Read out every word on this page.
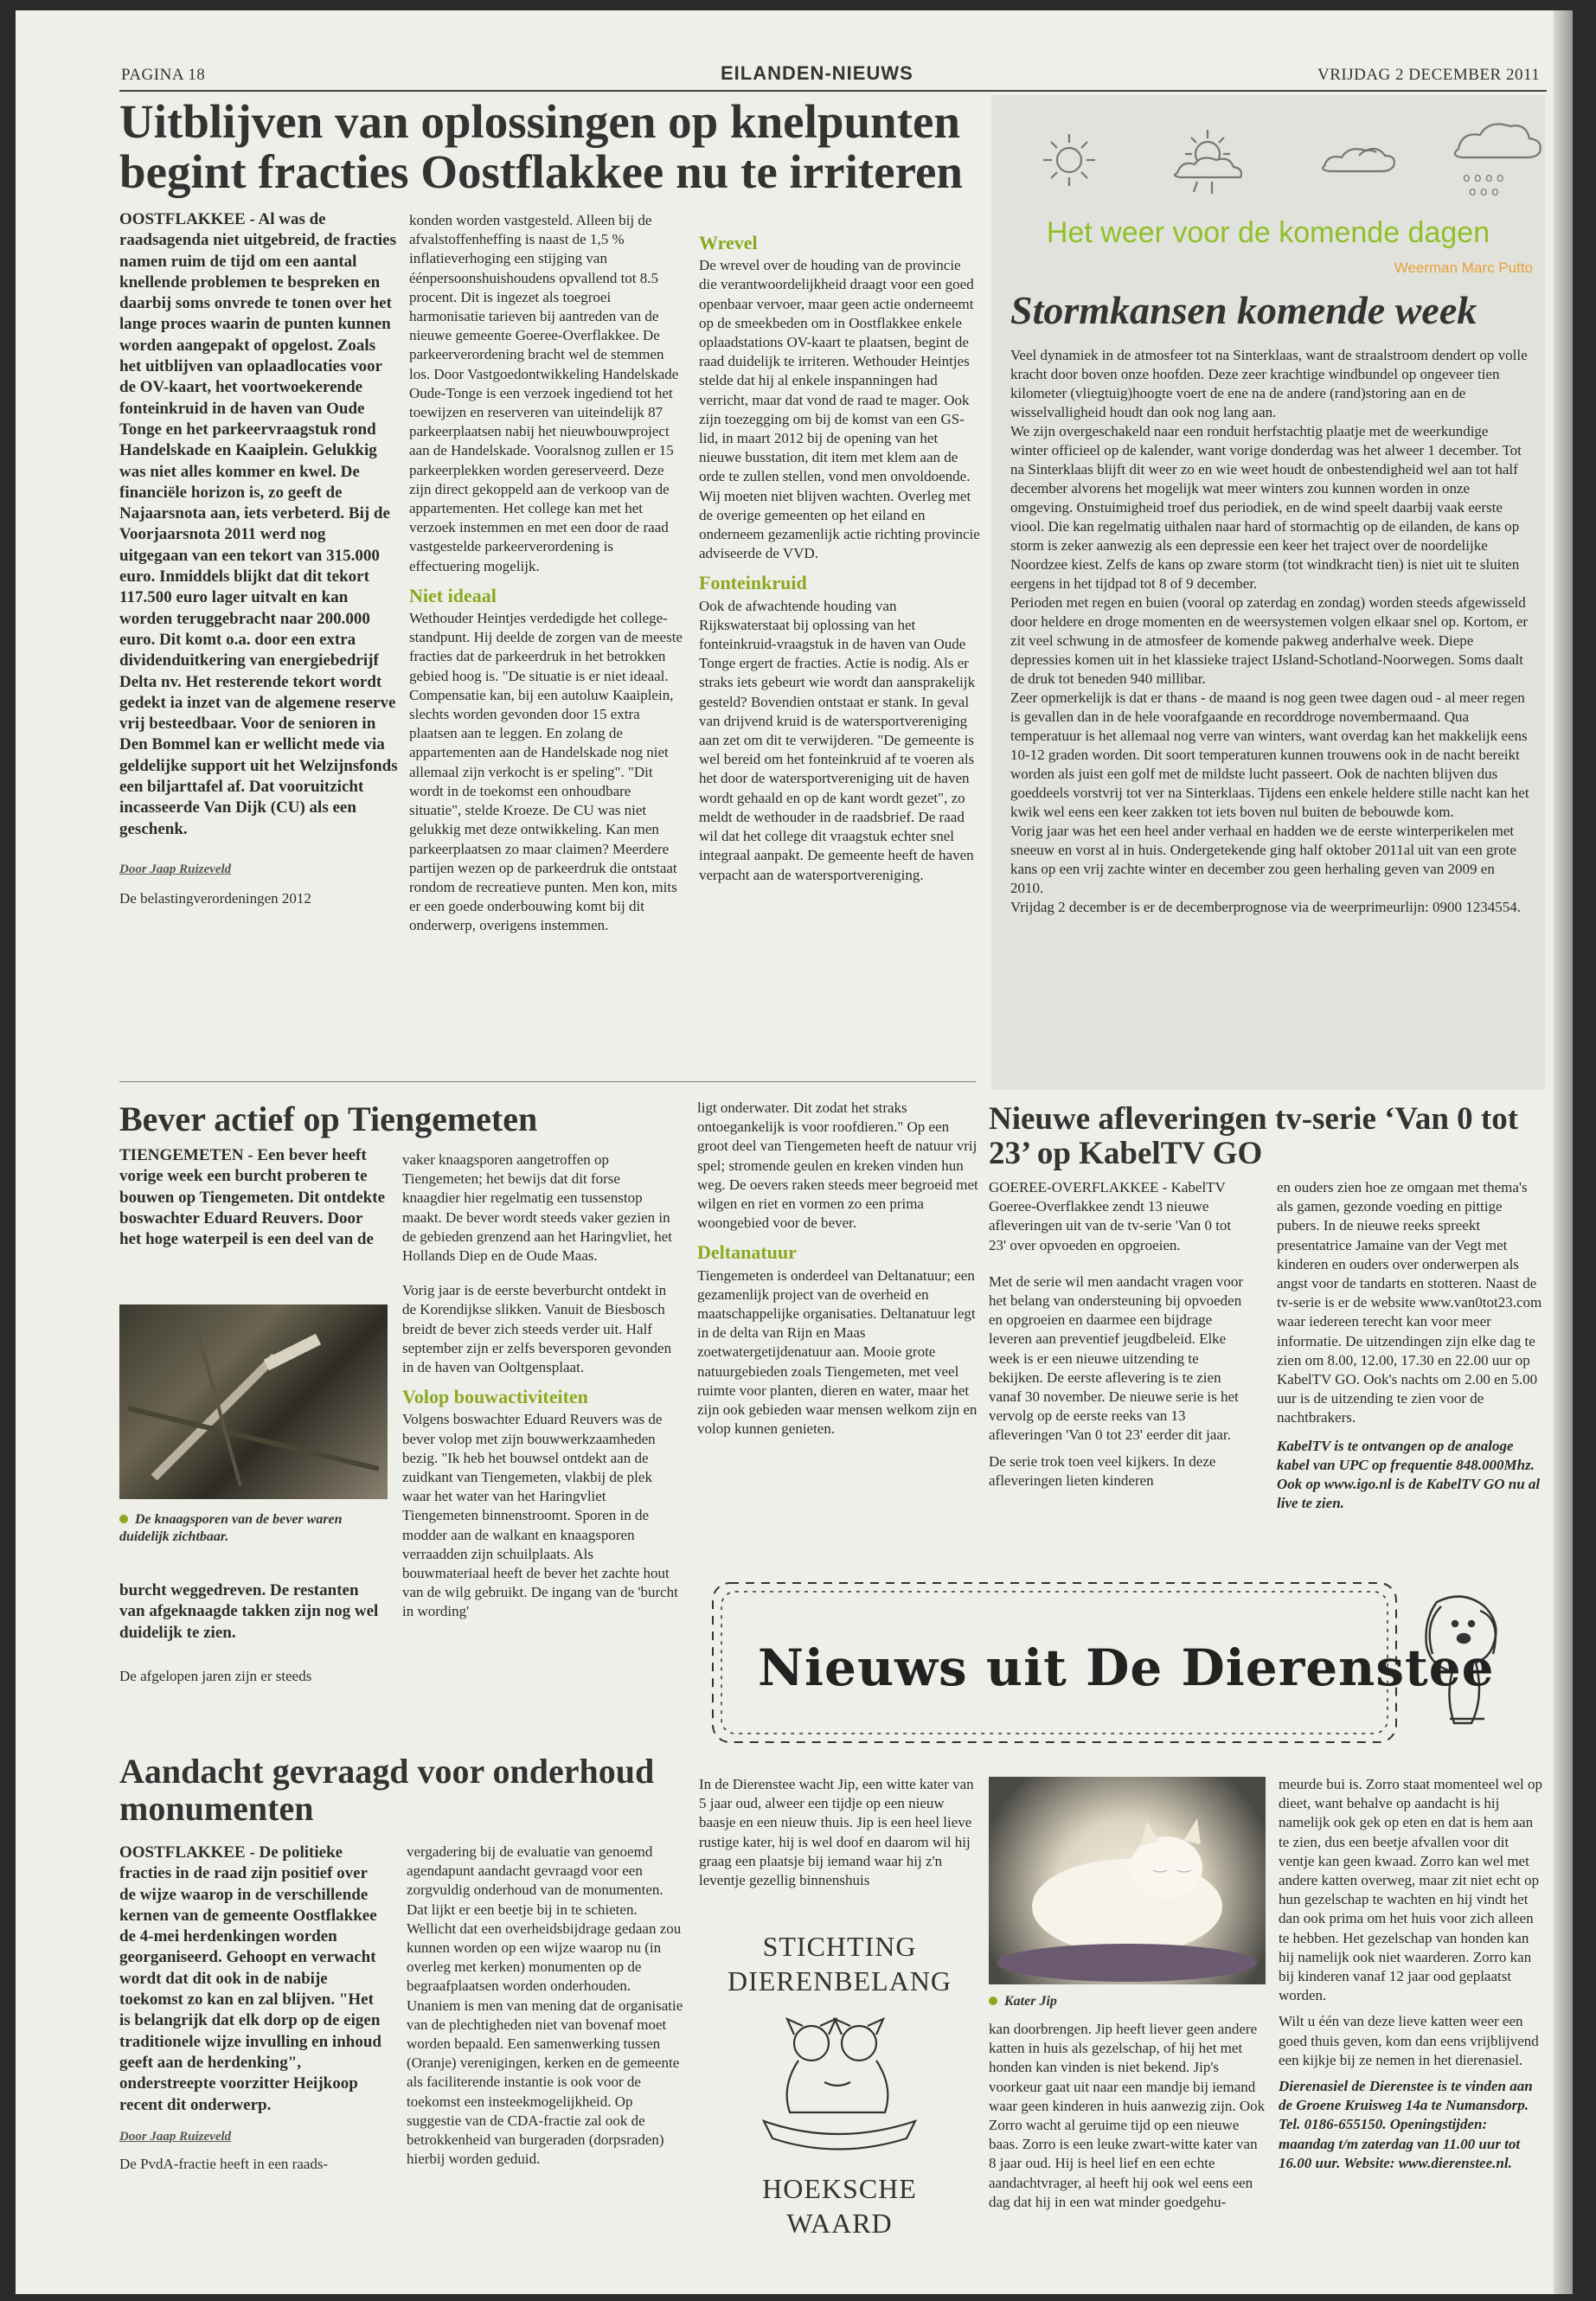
PAGINA 18	EILANDEN-NIEUWS	VRIJDAG 2 DECEMBER 2011
Uitblijven van oplossingen op knelpunten begint fracties Oostflakkee nu te irriteren

OOSTFLAKKEE - Al was de raadsagenda niet uitgebreid, de fracties namen ruim de tijd om een aantal knellende problemen te bespreken en daarbij soms onvrede te tonen over het lange proces waarin de punten kunnen worden aangepakt of opgelost. Zoals het uitblijven van oplaadlocaties voor de OV-kaart, het voortwoekerende fonteinkruid in de haven van Oude Tonge en het parkeervraagstuk rond Handelskade en Kaaiplein. Gelukkig was niet alles kommer en kwel. De financiële horizon is, zo geeft de Najaarsnota aan, iets verbeterd. Bij de Voorjaarsnota 2011 werd nog uitgegaan van een tekort van 315.000 euro. Inmiddels blijkt dat dit tekort 117.500 euro lager uitvalt en kan worden teruggebracht naar 200.000 euro. Dit komt o.a. door een extra dividenduitkering van energiebedrijf Delta nv. Het resterende tekort wordt gedekt ia inzet van de algemene reserve vrij besteedbaar. Voor de senioren in Den Bommel kan er wellicht mede via geldelijke support uit het Welzijnsfonds een biljarttafel af. Dat vooruitzicht incasseerde Van Dijk (CU) als een geschenk.

Door Jaap Ruizeveld

De belastingverordeningen 2012

konden worden vastgesteld. Alleen bij de afvalstoffenheffing is naast de 1,5 % inflatieverhoging een stijging van éénpersoonshuishoudens opvallend tot 8.5 procent. Dit is ingezet als toegroei harmonisatie tarieven bij aantreden van de nieuwe gemeente Goeree-Overflakkee. De parkeerverordening bracht wel de stemmen los. Door Vastgoedontwikkeling Handelskade Oude-Tonge is een verzoek ingediend tot het toewijzen en reserveren van uiteindelijk 87 parkeerplaatsen nabij het nieuwbouwproject aan de Handelskade. Vooralsnog zullen er 15 parkeerplekken worden gereserveerd. Deze zijn direct gekoppeld aan de verkoop van de appartementen. Het college kan met het verzoek instemmen en met een door de raad vastgestelde parkeerverordening is effectuering mogelijk.

Niet ideaal

Wethouder Heintjes verdedigde het college-standpunt. Hij deelde de zorgen van de meeste fracties dat de parkeerdruk in het betrokken gebied hoog is. "De situatie is er niet ideaal. Compensatie kan, bij een autoluw Kaaiplein, slechts worden gevonden door 15 extra plaatsen aan te leggen. En zolang de appartementen aan de Handelskade nog niet allemaal zijn verkocht is er speling". "Dit wordt in de toekomst een onhoudbare situatie", stelde Kroeze. De CU was niet gelukkig met deze ontwikkeling. Kan men parkeerplaatsen zo maar claimen? Meerdere partijen wezen op de parkeerdruk die ontstaat rondom de recreatieve punten. Men kon, mits er een goede onderbouwing komt bij dit onderwerp, overigens instemmen.

Wrevel

De wrevel over de houding van de provincie die verantwoordelijkheid draagt voor een goed openbaar vervoer, maar geen actie onderneemt op de smeekbeden om in Oostflakkee enkele oplaadstations OV-kaart te plaatsen, begint de raad duidelijk te irriteren. Wethouder Heintjes stelde dat hij al enkele inspanningen had verricht, maar dat vond de raad te mager. Ook zijn toezegging om bij de komst van een GS-lid, in maart 2012 bij de opening van het nieuwe busstation, dit item met klem aan de orde te zullen stellen, vond men onvoldoende. Wij moeten niet blijven wachten. Overleg met de overige gemeenten op het eiland en onderneem gezamenlijk actie richting provincie adviseerde de VVD.

Fonteinkruid

Ook de afwachtende houding van Rijkswaterstaat bij oplossing van het fonteinkruid-vraagstuk in de haven van Oude Tonge ergert de fracties. Actie is nodig. Als er straks iets gebeurt wie wordt dan aansprakelijk gesteld? Bovendien ontstaat er stank. In geval van drijvend kruid is de watersportvereniging aan zet om dit te verwijderen. "De gemeente is wel bereid om het fonteinkruid af te voeren als het door de watersportvereniging uit de haven wordt gehaald en op de kant wordt gezet", zo meldt de wethouder in de raadsbrief. De raad wil dat het college dit vraagstuk echter snel integraal aanpakt. De gemeente heeft de haven verpacht aan de watersportvereniging.

o o o o
o o o
Het weer voor de komende dagen
Weerman Marc Putto
Stormkansen komende week

Veel dynamiek in de atmosfeer tot na Sinterklaas, want de straalstroom dendert op volle kracht door boven onze hoofden. Deze zeer krachtige windbundel op ongeveer tien kilometer (vliegtuig)hoogte voert de ene na de andere (rand)storing aan en de wisselvalligheid houdt dan ook nog lang aan.

We zijn overgeschakeld naar een ronduit herfstachtig plaatje met de weerkundige winter officieel op de kalender, want vorige donderdag was het alweer 1 december. Tot na Sinterklaas blijft dit weer zo en wie weet houdt de onbestendigheid wel aan tot half december alvorens het mogelijk wat meer winters zou kunnen worden in onze omgeving. Onstuimigheid troef dus periodiek, en de wind speelt daarbij vaak eerste viool. Die kan regelmatig uithalen naar hard of stormachtig op de eilanden, de kans op storm is zeker aanwezig als een depressie een keer het traject over de noordelijke Noordzee kiest. Zelfs de kans op zware storm (tot windkracht tien) is niet uit te sluiten eergens in het tijdpad tot 8 of 9 december.

Perioden met regen en buien (vooral op zaterdag en zondag) worden steeds afgewisseld door heldere en droge momenten en de weersystemen volgen elkaar snel op. Kortom, er zit veel schwung in de atmosfeer de komende pakweg anderhalve week. Diepe depressies komen uit in het klassieke traject IJsland-Schotland-Noorwegen. Soms daalt de druk tot beneden 940 millibar.

Zeer opmerkelijk is dat er thans - de maand is nog geen twee dagen oud - al meer regen is gevallen dan in de hele voorafgaande en recorddroge novembermaand. Qua temperatuur is het allemaal nog verre van winters, want overdag kan het makkelijk eens 10-12 graden worden. Dit soort temperaturen kunnen trouwens ook in de nacht bereikt worden als juist een golf met de mildste lucht passeert. Ook de nachten blijven dus goeddeels vorstvrij tot ver na Sinterklaas. Tijdens een enkele heldere stille nacht kan het kwik wel eens een keer zakken tot iets boven nul buiten de bebouwde kom.

Vorig jaar was het een heel ander verhaal en hadden we de eerste winterperikelen met sneeuw en vorst al in huis. Ondergetekende ging half oktober 2011al uit van een grote kans op een vrij zachte winter en december zou geen herhaling geven van 2009 en 2010.

Vrijdag 2 december is er de decemberprognose via de weerprimeurlijn: 0900 1234554.

Bever actief op Tiengemeten
TIENGEMETEN - Een bever heeft vorige week een burcht proberen te bouwen op Tiengemeten. Dit ontdekte boswachter Eduard Reuvers. Door het hoge waterpeil is een deel van de
De knaagsporen van de bever waren duidelijk zichtbaar.
burcht weggedreven. De restanten van afgeknaagde takken zijn nog wel duidelijk te zien.
De afgelopen jaren zijn er steeds

vaker knaagsporen aangetroffen op Tiengemeten; het bewijs dat dit forse knaagdier hier regelmatig een tussenstop maakt. De bever wordt steeds vaker gezien in de gebieden grenzend aan het Haringvliet, het Hollands Diep en de Oude Maas.

Vorig jaar is de eerste beverburcht ontdekt in de Korendijkse slikken. Vanuit de Biesbosch breidt de bever zich steeds verder uit. Half september zijn er zelfs beversporen gevonden in de haven van Ooltgensplaat.

Volop bouwactiviteiten

Volgens boswachter Eduard Reuvers was de bever volop met zijn bouwwerkzaamheden bezig. "Ik heb het bouwsel ontdekt aan de zuidkant van Tiengemeten, vlakbij de plek waar het water van het Haringvliet Tiengemeten binnenstroomt. Sporen in de modder aan de walkant en knaagsporen verraadden zijn schuilplaats. Als bouwmateriaal heeft de bever het zachte hout van de wilg gebruikt. De ingang van de 'burcht in wording'

ligt onderwater. Dit zodat het straks ontoegankelijk is voor roofdieren." Op een groot deel van Tiengemeten heeft de natuur vrij spel; stromende geulen en kreken vinden hun weg. De oevers raken steeds meer begroeid met wilgen en riet en vormen zo een prima woongebied voor de bever.

Deltanatuur

Tiengemeten is onderdeel van Deltanatuur; een gezamenlijk project van de overheid en maatschappelijke organisaties. Deltanatuur legt in de delta van Rijn en Maas zoetwatergetijdenatuur aan. Mooie grote natuurgebieden zoals Tiengemeten, met veel ruimte voor planten, dieren en water, maar het zijn ook gebieden waar mensen welkom zijn en volop kunnen genieten.

Nieuwe afleveringen tv-serie ‘Van 0 tot 23’ op KabelTV GO

GOEREE-OVERFLAKKEE - KabelTV Goeree-Overflakkee zendt 13 nieuwe afleveringen uit van de tv-serie 'Van 0 tot 23' over opvoeden en opgroeien.

Met de serie wil men aandacht vragen voor het belang van ondersteuning bij opvoeden en opgroeien en daarmee een bijdrage leveren aan preventief jeugdbeleid. Elke week is er een nieuwe uitzending te bekijken. De eerste aflevering is te zien vanaf 30 november. De nieuwe serie is het vervolg op de eerste reeks van 13 afleveringen 'Van 0 tot 23' eerder dit jaar.

De serie trok toen veel kijkers. In deze afleveringen lieten kinderen

en ouders zien hoe ze omgaan met thema's als gamen, gezonde voeding en pittige pubers. In de nieuwe reeks spreekt presentatrice Jamaine van der Vegt met kinderen en ouders over onderwerpen als angst voor de tandarts en stotteren. Naast de tv-serie is er de website www.van0tot23.com waar iedereen terecht kan voor meer informatie. De uitzendingen zijn elke dag te zien om 8.00, 12.00, 17.30 en 22.00 uur op KabelTV GO. Ook's nachts om 2.00 en 5.00 uur is de uitzending te zien voor de nachtbrakers.

KabelTV is te ontvangen op de analoge kabel van UPC op frequentie 848.000Mhz. Ook op www.igo.nl is de KabelTV GO nu al live te zien.

Nieuws uit De Dierenstee
Aandacht gevraagd voor onderhoud monumenten

OOSTFLAKKEE - De politieke fracties in de raad zijn positief over de wijze waarop in de verschillende kernen van de gemeente Oostflakkee de 4-mei herdenkingen worden georganiseerd. Gehoopt en verwacht wordt dat dit ook in de nabije toekomst zo kan en zal blijven. "Het is belangrijk dat elk dorp op de eigen traditionele wijze invulling en inhoud geeft aan de herdenking", onderstreepte voorzitter Heijkoop recent dit onderwerp.

Door Jaap Ruizeveld

De PvdA-fractie heeft in een raads-

vergadering bij de evaluatie van genoemd agendapunt aandacht gevraagd voor een zorgvuldig onderhoud van de monumenten. Dat lijkt er een beetje bij in te schieten. Wellicht dat een overheidsbijdrage gedaan zou kunnen worden op een wijze waarop nu (in overleg met kerken) monumenten op de begraafplaatsen worden onderhouden. Unaniem is men van mening dat de organisatie van de plechtigheden niet van bovenaf moet worden bepaald. Een samenwerking tussen (Oranje) verenigingen, kerken en de gemeente als faciliterende instantie is ook voor de toekomst een insteekmogelijkheid. Op suggestie van de CDA-fractie zal ook de betrokkenheid van burgeraden (dorpsraden) hierbij worden geduid.
In de Dierenstee wacht Jip, een witte kater van 5 jaar oud, alweer een tijdje op een nieuw baasje en een nieuw thuis. Jip is een heel lieve rustige kater, hij is wel doof en daarom wil hij graag een plaatsje bij iemand waar hij z'n leventje gezellig binnenshuis
STICHTING
DIERENBELANG
HOEKSCHE
WAARD
Kater Jip
kan doorbrengen. Jip heeft liever geen andere katten in huis als gezelschap, of hij het met honden kan vinden is niet bekend. Jip's voorkeur gaat uit naar een mandje bij iemand waar geen kinderen in huis aanwezig zijn. Ook Zorro wacht al geruime tijd op een nieuwe baas. Zorro is een leuke zwart-witte kater van 8 jaar oud. Hij is heel lief en een echte aandachtvrager, al heeft hij ook wel eens een dag dat hij in een wat minder goedgehu-

meurde bui is. Zorro staat momenteel wel op dieet, want behalve op aandacht is hij namelijk ook gek op eten en dat is hem aan te zien, dus een beetje afvallen voor dit ventje kan geen kwaad. Zorro kan wel met andere katten overweg, maar zit niet echt op hun gezelschap te wachten en hij vindt het dan ook prima om het huis voor zich alleen te hebben. Het gezelschap van honden kan hij namelijk ook niet waarderen. Zorro kan bij kinderen vanaf 12 jaar ood geplaatst worden.

Wilt u één van deze lieve katten weer een goed thuis geven, kom dan eens vrijblijvend een kijkje bij ze nemen in het dierenasiel.

Dierenasiel de Dierenstee is te vinden aan de Groene Kruisweg 14a te Numansdorp. Tel. 0186-655150. Openingstijden: maandag t/m zaterdag van 11.00 uur tot 16.00 uur. Website: www.dierenstee.nl.
